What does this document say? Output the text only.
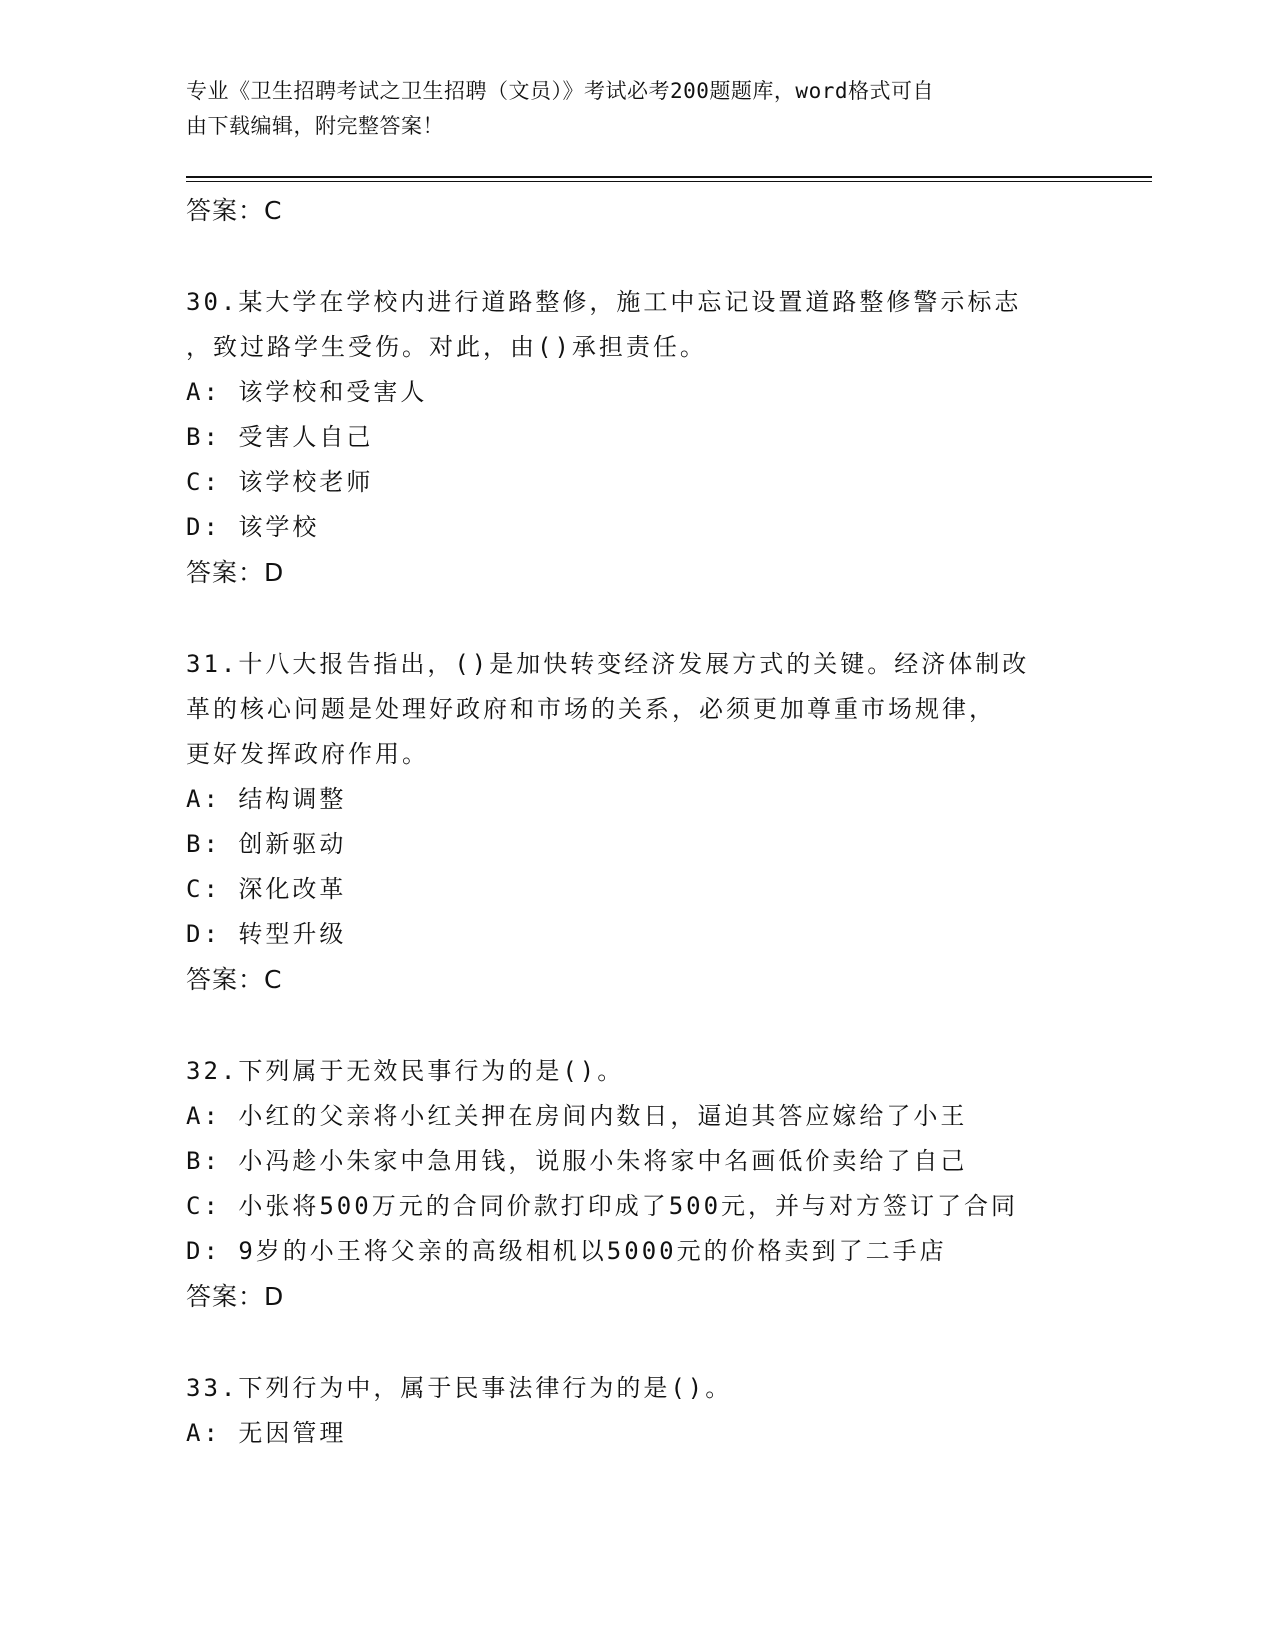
专业《卫生招聘考试之卫生招聘（文员）》考试必考200题题库，word格式可自
由下载编辑，附完整答案！
答案：C
30.某大学在学校内进行道路整修，施工中忘记设置道路整修警示标志
，致过路学生受伤。对此，由()承担责任。
A: 该学校和受害人
B: 受害人自己
C: 该学校老师
D: 该学校
答案：D
31.十八大报告指出，()是加快转变经济发展方式的关键。经济体制改
革的核心问题是处理好政府和市场的关系，必须更加尊重市场规律，
更好发挥政府作用。
A: 结构调整
B: 创新驱动
C: 深化改革
D: 转型升级
答案：C
32.下列属于无效民事行为的是()。
A: 小红的父亲将小红关押在房间内数日，逼迫其答应嫁给了小王
B: 小冯趁小朱家中急用钱，说服小朱将家中名画低价卖给了自己
C: 小张将500万元的合同价款打印成了500元，并与对方签订了合同
D: 9岁的小王将父亲的高级相机以5000元的价格卖到了二手店
答案：D
33.下列行为中，属于民事法律行为的是()。
A: 无因管理
